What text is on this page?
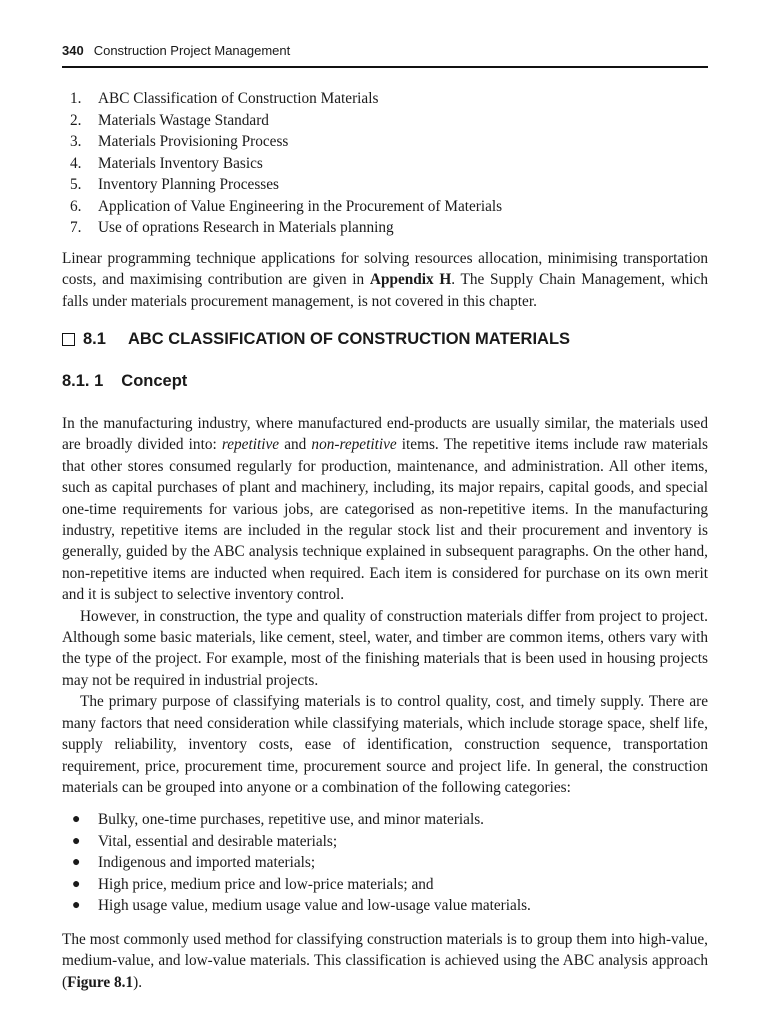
340 Construction Project Management
1.	ABC Classification of Construction Materials
2.	Materials Wastage Standard
3.	Materials Provisioning Process
4.	Materials Inventory Basics
5.	Inventory Planning Processes
6.	Application of Value Engineering in the Procurement of Materials
7.	Use of oprations Research in Materials planning

Linear programming technique applications for solving resources allocation, minimising transportation costs, and maximising contribution are given in Appendix H. The Supply Chain Management, which falls under materials procurement management, is not covered in this chapter.

8.1 ABC CLASSIFICATION OF CONSTRUCTION MATERIALS
8.1. 1 Concept

In the manufacturing industry, where manufactured end-products are usually similar, the materials used are broadly divided into: repetitive and non-repetitive items. The repetitive items include raw materials that other stores consumed regularly for production, maintenance, and administration. All other items, such as capital purchases of plant and machinery, including, its major repairs, capital goods, and special one-time requirements for various jobs, are categorised as non-repetitive items. In the manufacturing industry, repetitive items are included in the regular stock list and their procurement and inventory is generally, guided by the ABC analysis technique explained in subsequent paragraphs. On the other hand, non-repetitive items are inducted when required. Each item is considered for purchase on its own merit and it is subject to selective inventory control.

However, in construction, the type and quality of construction materials differ from project to project. Although some basic materials, like cement, steel, water, and timber are common items, others vary with the type of the project. For example, most of the finishing materials that is been used in housing projects may not be required in industrial projects.

The primary purpose of classifying materials is to control quality, cost, and timely supply. There are many factors that need consideration while classifying materials, which include storage space, shelf life, supply reliability, inventory costs, ease of identification, construction sequence, transportation requirement, price, procurement time, procurement source and project life. In general, the construction materials can be grouped into anyone or a combination of the following categories:

●	Bulky, one-time purchases, repetitive use, and minor materials.
●	Vital, essential and desirable materials;
●	Indigenous and imported materials;
●	High price, medium price and low-price materials; and
●	High usage value, medium usage value and low-usage value materials.

The most commonly used method for classifying construction materials is to group them into high-value, medium-value, and low-value materials. This classification is achieved using the ABC analysis approach (Figure 8.1).
